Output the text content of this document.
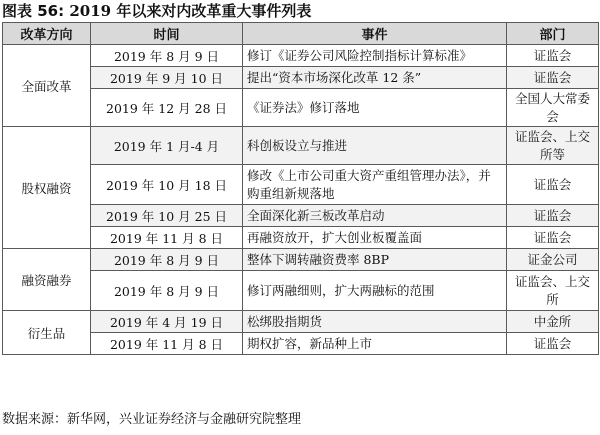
图表 56: 2019 年以来对内改革重大事件列表
改革方向	时间	事件	部门
全面改革	2019 年 8 月 9 日	修订《证券公司风险控制指标计算标准》	证监会
	2019 年 9 月 10 日	提出“资本市场深化改革 12 条”	证监会
	2019 年 12 月 28 日	《证券法》修订落地	全国人大常委会
股权融资	2019 年 1 月-4 月	科创板设立与推进	证监会、上交所等
	2019 年 10 月 18 日	修改《上市公司重大资产重组管理办法》，并购重组新规落地	证监会
	2019 年 10 月 25 日	全面深化新三板改革启动	证监会
	2019 年 11 月 8 日	再融资放开，扩大创业板覆盖面	证监会
融资融券	2019 年 8 月 9 日	整体下调转融资费率 8BP	证金公司
	2019 年 8 月 9 日	修订两融细则，扩大两融标的范围	证监会、上交所
衍生品	2019 年 4 月 19 日	松绑股指期货	中金所
	2019 年 11 月 8 日	期权扩容，新品种上市	证监会
数据来源：新华网，兴业证券经济与金融研究院整理
